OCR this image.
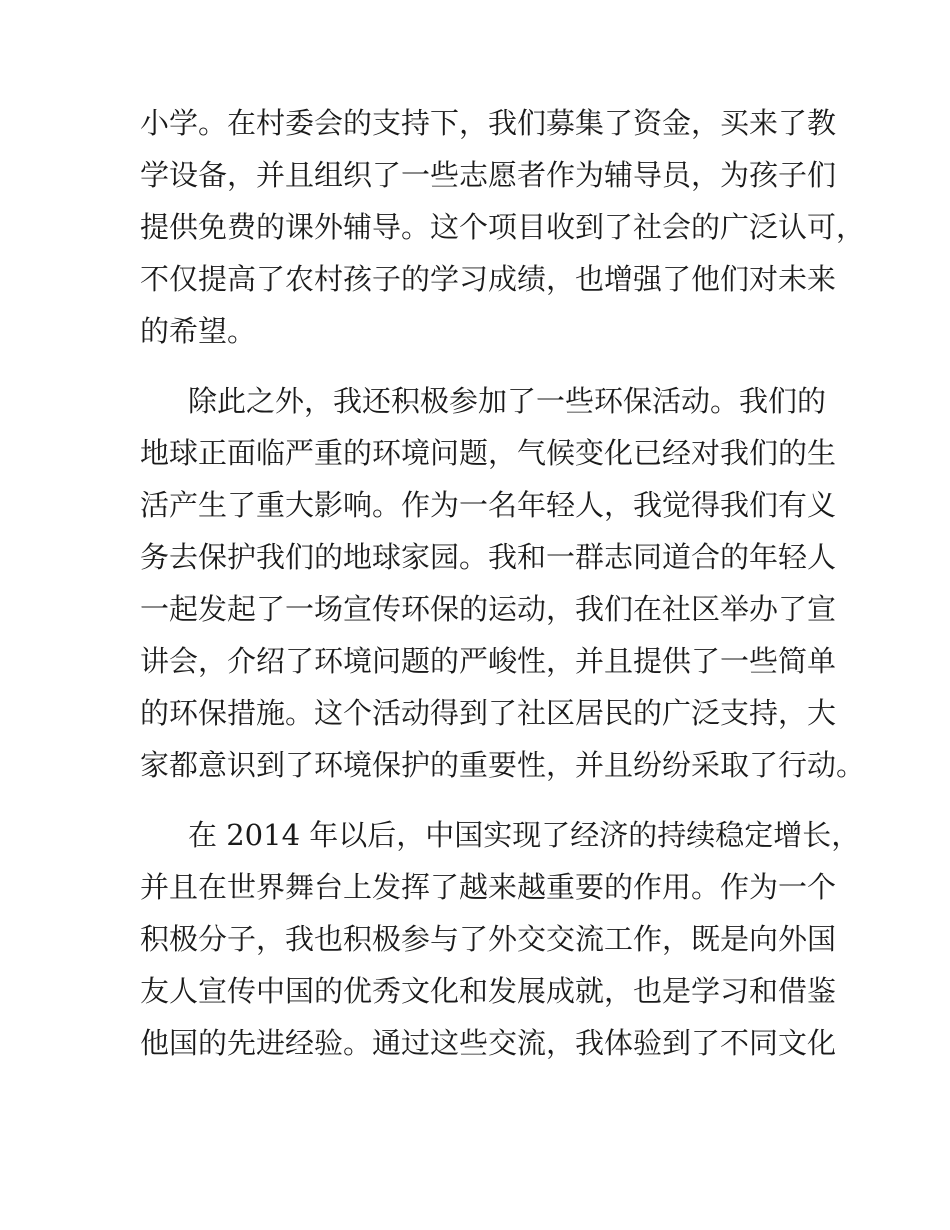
小学。在村委会的支持下，我们募集了资金，买来了教

学设备，并且组织了一些志愿者作为辅导员，为孩子们

提供免费的课外辅导。这个项目收到了社会的广泛认可，

不仅提高了农村孩子的学习成绩，也增强了他们对未来

的希望。

除此之外，我还积极参加了一些环保活动。我们的

地球正面临严重的环境问题，气候变化已经对我们的生

活产生了重大影响。作为一名年轻人，我觉得我们有义

务去保护我们的地球家园。我和一群志同道合的年轻人

一起发起了一场宣传环保的运动，我们在社区举办了宣

讲会，介绍了环境问题的严峻性，并且提供了一些简单

的环保措施。这个活动得到了社区居民的广泛支持，大

家都意识到了环境保护的重要性，并且纷纷采取了行动。

在 2014 年以后，中国实现了经济的持续稳定增长，

并且在世界舞台上发挥了越来越重要的作用。作为一个

积极分子，我也积极参与了外交交流工作，既是向外国

友人宣传中国的优秀文化和发展成就，也是学习和借鉴

他国的先进经验。通过这些交流，我体验到了不同文化
